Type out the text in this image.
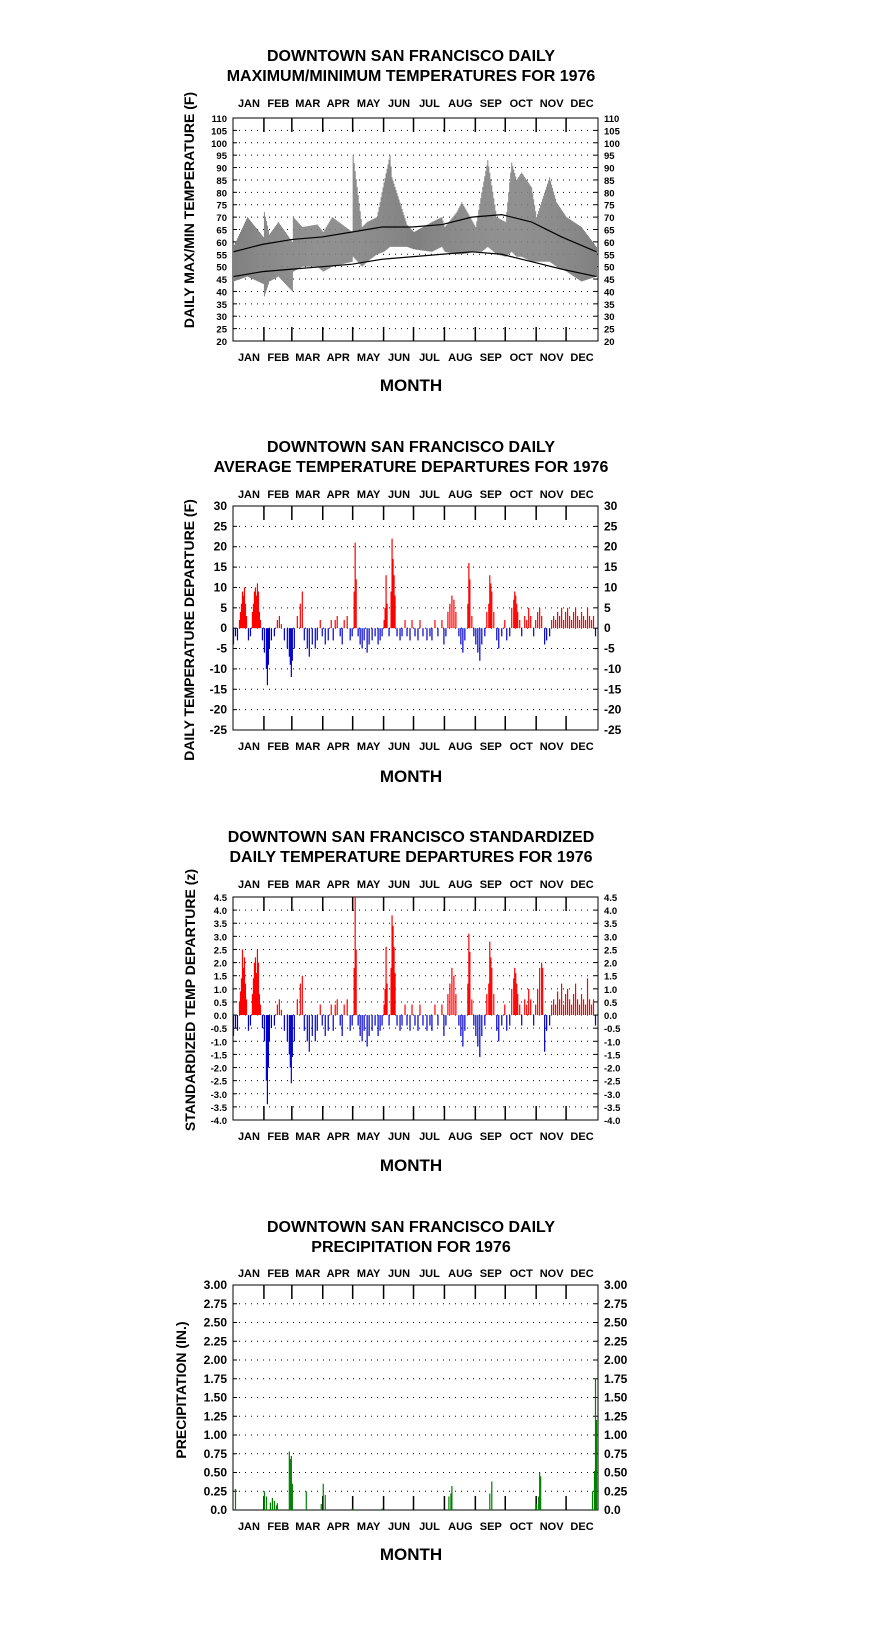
DOWNTOWN SAN FRANCISCO DAILY
MAXIMUM/MINIMUM TEMPERATURES FOR 1976
MONTH
DAILY MAX/MIN TEMPERATURE (F) 110	110
105	105
100	100
95	95
90	90
85	85
80	80
75	75
70	70
65	65
60	60
55	55
50	50
45	45
40	40
35	35
30	30
25	25
20	20
JAN
JAN
FEB
FEB
MAR
MAR
APR
APR
MAY
MAY
JUN
JUN
JUL
JUL
AUG
AUG
SEP
SEP
OCT
OCT
NOV
NOV
DEC
DEC
DOWNTOWN SAN FRANCISCO DAILY
AVERAGE TEMPERATURE DEPARTURES FOR 1976
MONTH
DAILY TEMPERATURE DEPARTURE (F) 30	30
25	25
20	20
15	15
10	10
5	5
0	0
-5	-5
-10	-10
-15	-15
-20	-20
-25	-25
JAN
JAN
FEB
FEB
MAR
MAR
APR
APR
MAY
MAY
JUN
JUN
JUL
JUL
AUG
AUG
SEP
SEP
OCT
OCT
NOV
NOV
DEC
DEC
DOWNTOWN SAN FRANCISCO STANDARDIZED
DAILY TEMPERATURE DEPARTURES FOR 1976
MONTH
STANDARDIZED TEMP DEPARTURE (z) 4.5	4.5
4.0	4.0
3.5	3.5
3.0	3.0
2.5	2.5
2.0	2.0
1.5	1.5
1.0	1.0
0.5	0.5
0.0	0.0
-0.5	-0.5
-1.0	-1.0
-1.5	-1.5
-2.0	-2.0
-2.5	-2.5
-3.0	-3.0
-3.5	-3.5
-4.0	-4.0
JAN
JAN
FEB
FEB
MAR
MAR
APR
APR
MAY
MAY
JUN
JUN
JUL
JUL
AUG
AUG
SEP
SEP
OCT
OCT
NOV
NOV
DEC
DEC
DOWNTOWN SAN FRANCISCO DAILY
PRECIPITATION FOR 1976
MONTH
PRECIPITATION (IN.)
3.00	3.00
2.75	2.75
2.50	2.50
2.25	2.25
2.00	2.00
1.75	1.75
1.50	1.50
1.25	1.25
1.00	1.00
0.75	0.75
0.50	0.50
0.25	0.25
0.0	0.0
JAN
JAN
FEB
FEB
MAR
MAR
APR
APR
MAY
MAY
JUN
JUN
JUL
JUL
AUG
AUG
SEP
SEP
OCT
OCT
NOV
NOV
DEC
DEC
